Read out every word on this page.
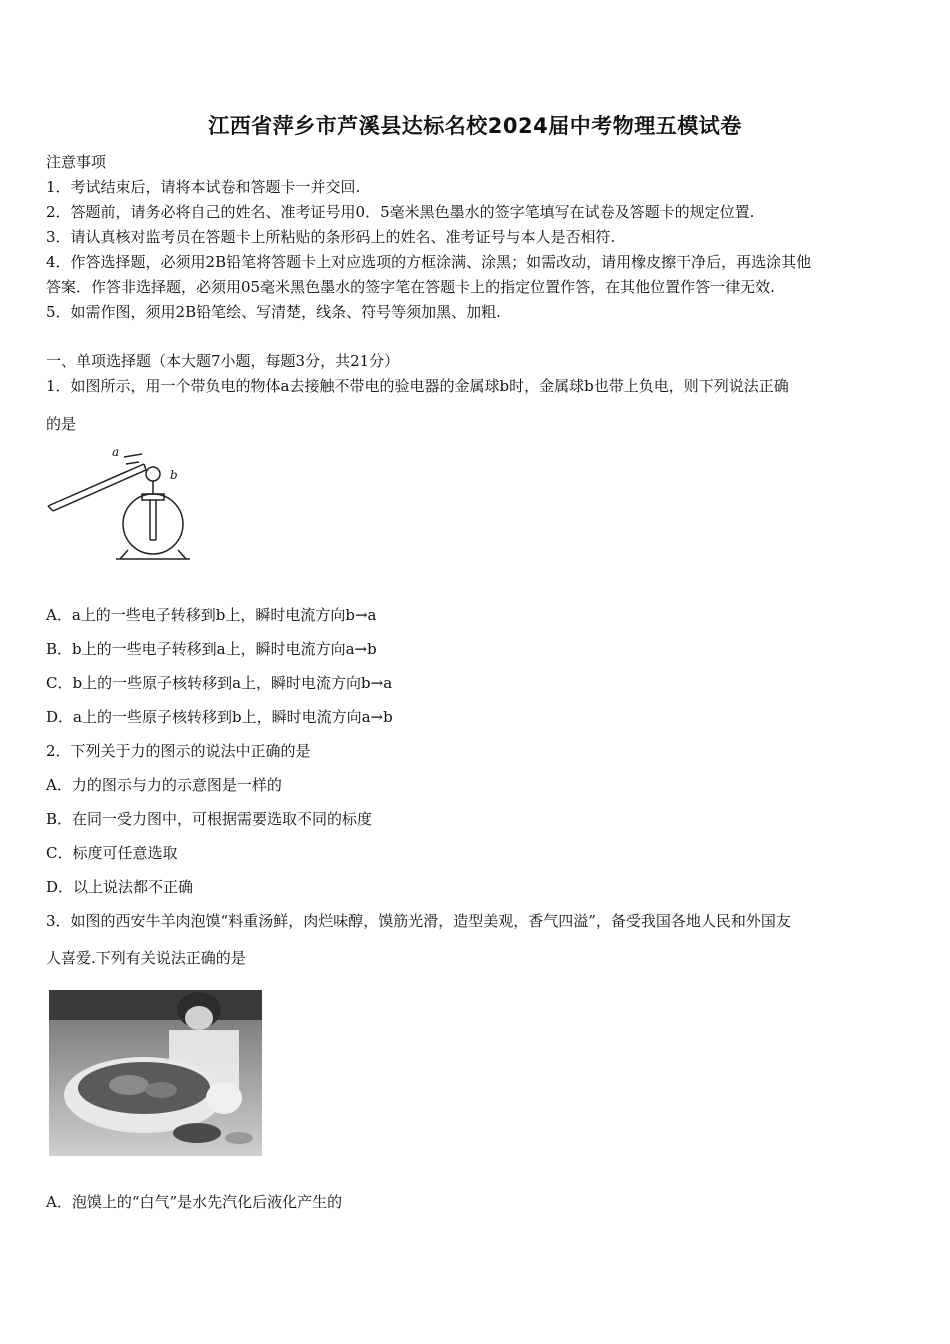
江西省萍乡市芦溪县达标名校2024届中考物理五模试卷
注意事项
1．考试结束后，请将本试卷和答题卡一并交回.
2．答题前，请务必将自己的姓名、准考证号用0．5毫米黑色墨水的签字笔填写在试卷及答题卡的规定位置.
3．请认真核对监考员在答题卡上所粘贴的条形码上的姓名、准考证号与本人是否相符.
4．作答选择题，必须用2B铅笔将答题卡上对应选项的方框涂满、涂黑；如需改动，请用橡皮擦干净后，再选涂其他
答案．作答非选择题，必须用05毫米黑色墨水的签字笔在答题卡上的指定位置作答，在其他位置作答一律无效.
5．如需作图，须用2B铅笔绘、写清楚，线条、符号等须加黑、加粗.
一、单项选择题（本大题7小题，每题3分，共21分）
1．如图所示，用一个带负电的物体a去接触不带电的验电器的金属球b时，金属球b也带上负电，则下列说法正确
的是
a
b
A．a上的一些电子转移到b上，瞬时电流方向b→a
B．b上的一些电子转移到a上，瞬时电流方向a→b
C．b上的一些原子核转移到a上，瞬时电流方向b→a
D．a上的一些原子核转移到b上，瞬时电流方向a→b
2．下列关于力的图示的说法中正确的是
A．力的图示与力的示意图是一样的
B．在同一受力图中，可根据需要选取不同的标度
C．标度可任意选取
D．以上说法都不正确
3．如图的西安牛羊肉泡馍“料重汤鲜，肉烂味醇，馍筋光滑，造型美观，香气四溢”，备受我国各地人民和外国友
人喜爱.下列有关说法正确的是
A．泡馍上的“白气”是水先汽化后液化产生的
